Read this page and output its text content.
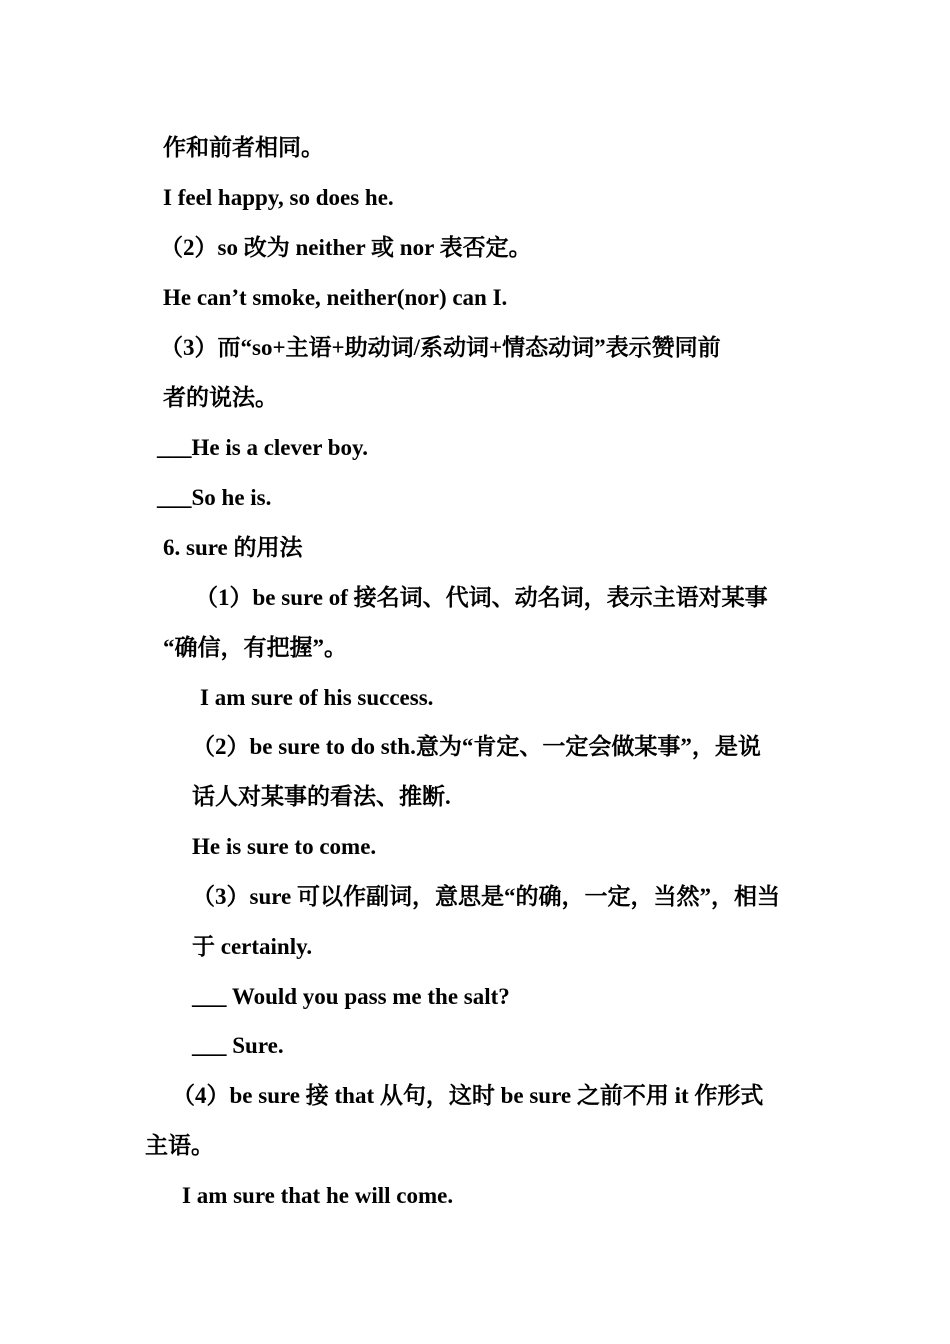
作和前者相同。
I feel happy, so does he.
（2）so 改为 neither 或 nor 表否定。
He can’t smoke, neither(nor) can I.
（3）而“so+主语+助动词/系动词+情态动词”表示赞同前
者的说法。
___He is a clever boy.
___So he is.
6. sure 的用法
（1）be sure of 接名词、代词、动名词，表示主语对某事
“确信，有把握”。
I am sure of his success.
（2）be sure to do sth.意为“肯定、一定会做某事”，是说
话人对某事的看法、推断.
He is sure to come.
（3）sure 可以作副词，意思是“的确，一定，当然”，相当
于 certainly.
___ Would you pass me the salt?
___ Sure.
（4）be sure 接 that 从句，这时 be sure 之前不用 it 作形式
主语。
I am sure that he will come.
